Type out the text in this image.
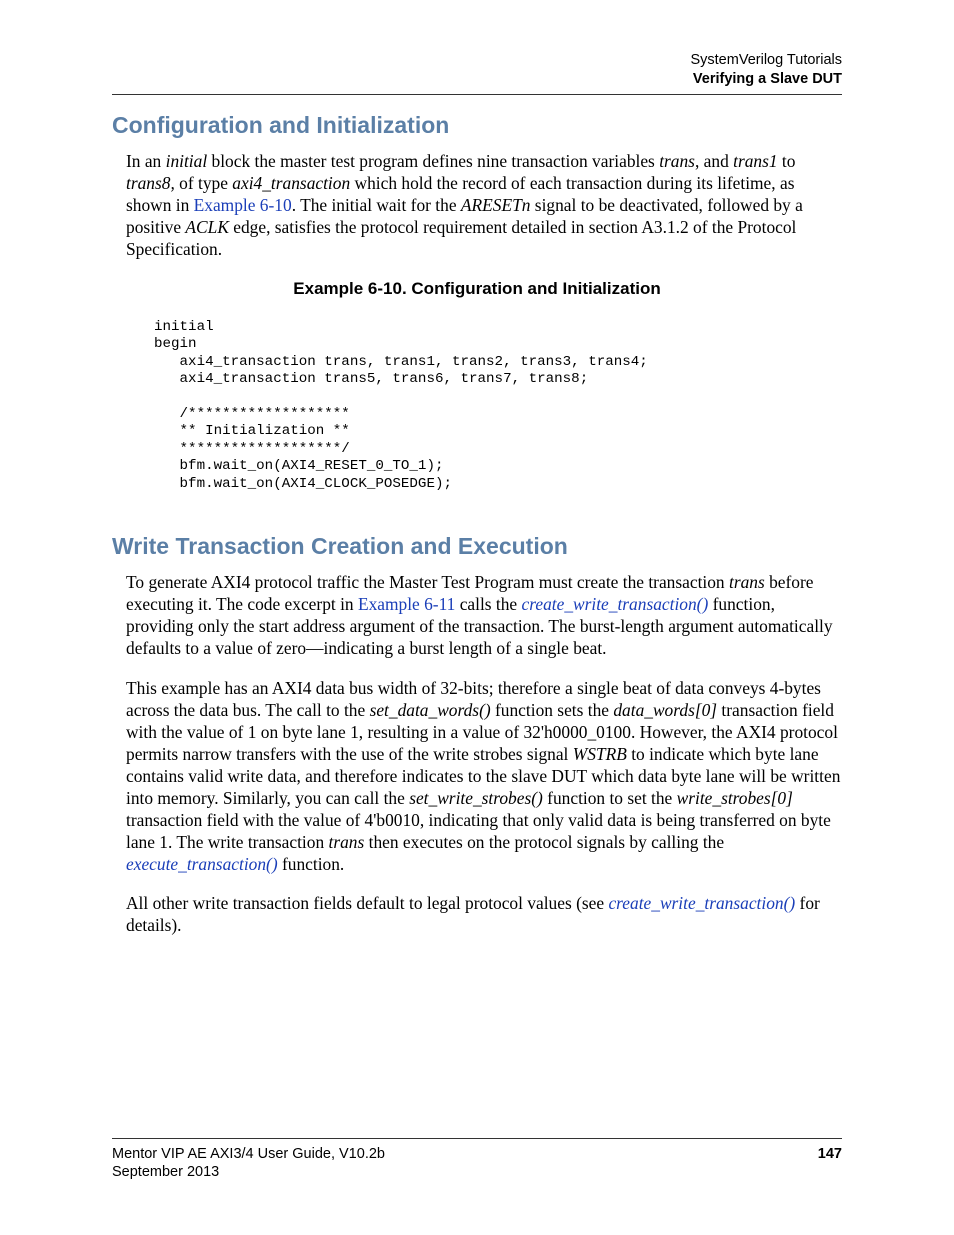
SystemVerilog Tutorials
Verifying a Slave DUT
Configuration and Initialization

In an initial block the master test program defines nine transaction variables trans, and trans1 to trans8, of type axi4_transaction which hold the record of each transaction during its lifetime, as shown in Example 6-10. The initial wait for the ARESETn signal to be deactivated, followed by a positive ACLK edge, satisfies the protocol requirement detailed in section A3.1.2 of the Protocol Specification.

Example 6-10. Configuration and Initialization

initial
begin
axi4_transaction trans, trans1, trans2, trans3, trans4;
axi4_transaction trans5, trans6, trans7, trans8;

/*******************
** Initialization **
*******************/
bfm.wait_on(AXI4_RESET_0_TO_1);
bfm.wait_on(AXI4_CLOCK_POSEDGE);
Write Transaction Creation and Execution

To generate AXI4 protocol traffic the Master Test Program must create the transaction trans before executing it. The code excerpt in Example 6-11 calls the create_write_transaction() function, providing only the start address argument of the transaction. The burst-length argument automatically defaults to a value of zero—indicating a burst length of a single beat.

This example has an AXI4 data bus width of 32-bits; therefore a single beat of data conveys 4-bytes across the data bus. The call to the set_data_words() function sets the data_words[0] transaction field with the value of 1 on byte lane 1, resulting in a value of 32'h0000_0100. However, the AXI4 protocol permits narrow transfers with the use of the write strobes signal WSTRB to indicate which byte lane contains valid write data, and therefore indicates to the slave DUT which data byte lane will be written into memory. Similarly, you can call the set_write_strobes() function to set the write_strobes[0] transaction field with the value of 4'b0010, indicating that only valid data is being transferred on byte lane 1. The write transaction trans then executes on the protocol signals by calling the execute_transaction() function.

All other write transaction fields default to legal protocol values (see create_write_transaction() for details).

Mentor VIP AE AXI3/4 User Guide, V10.2b
September 2013
147
